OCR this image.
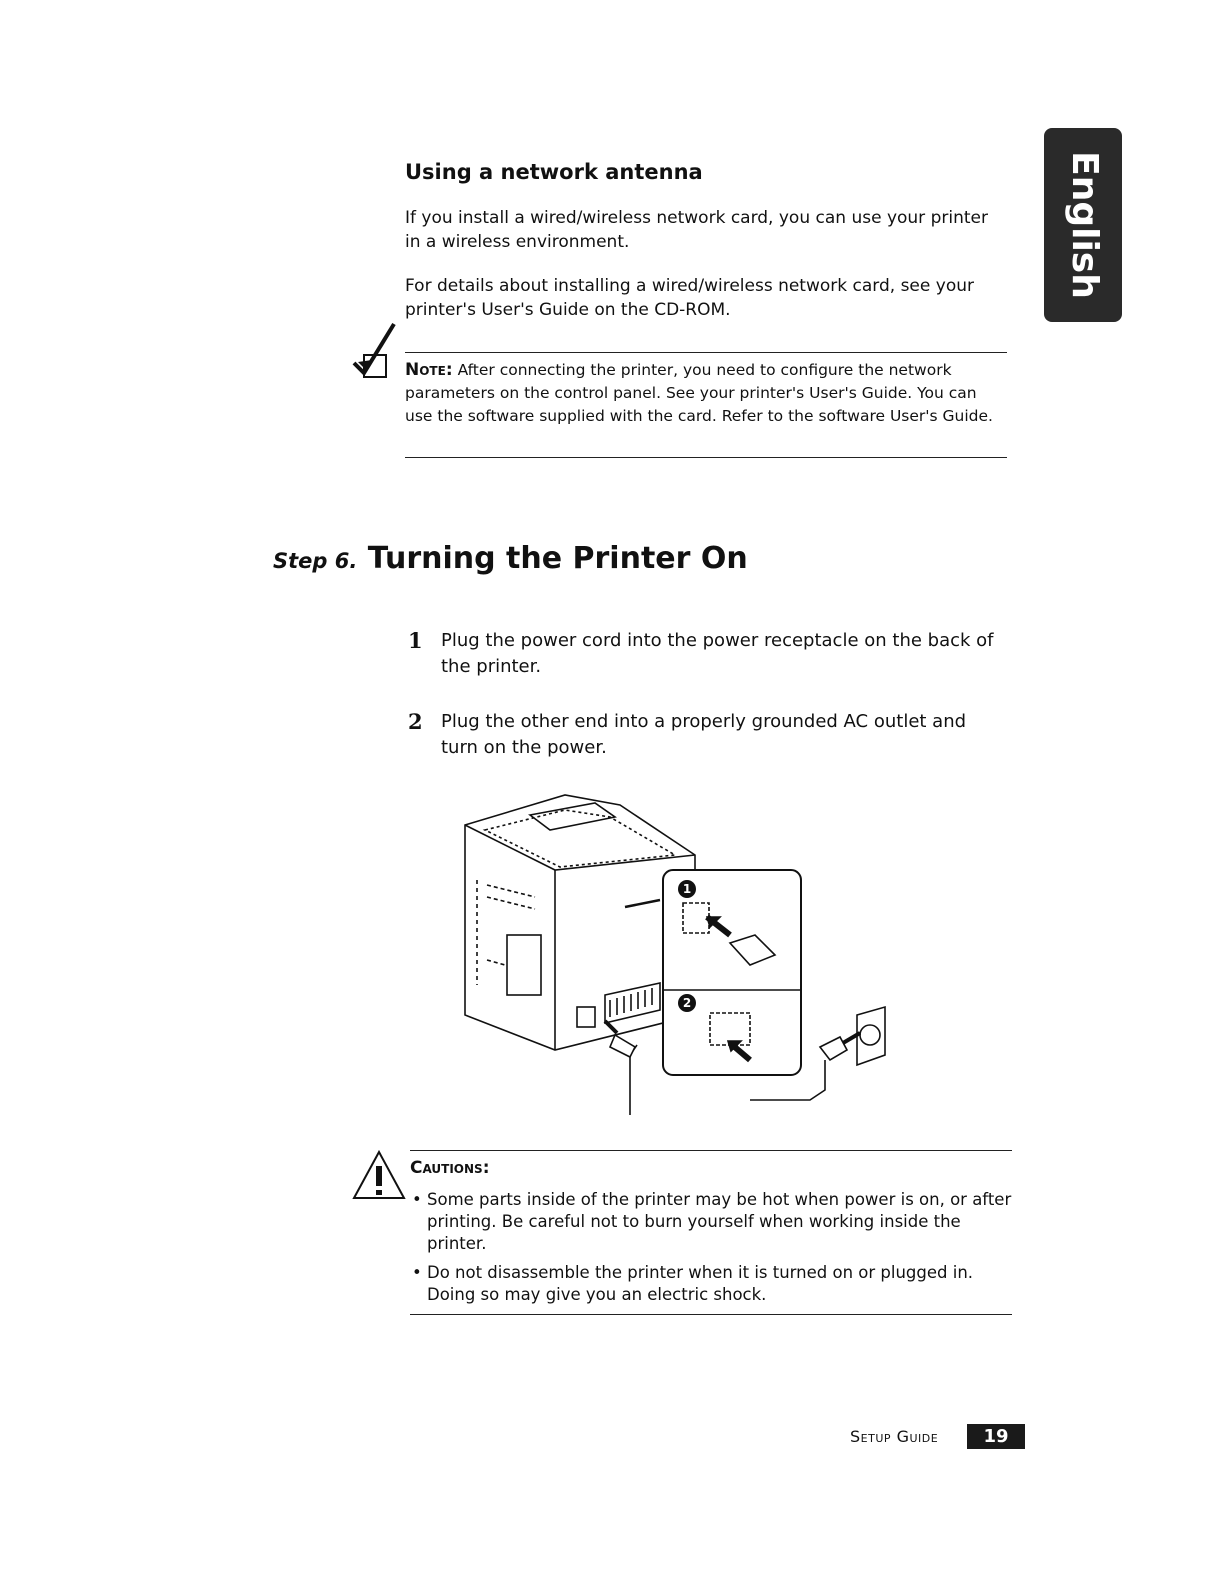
English
Using a network antenna
If you install a wired/wireless network card, you can use your printer in a wireless environment.
For details about installing a wired/wireless network card, see your printer's User's Guide on the CD-ROM.
Note: After connecting the printer, you need to configure the network parameters on the control panel. See your printer's User's Guide. You can use the software supplied with the card. Refer to the software User's Guide.
Step 6. Turning the Printer On
1 Plug the power cord into the power receptacle on the back of the printer.
2 Plug the other end into a properly grounded AC outlet and turn on the power.
1
2
Cautions:
• Some parts inside of the printer may be hot when power is on, or after printing. Be careful not to burn yourself when working inside the printer.
• Do not disassemble the printer when it is turned on or plugged in. Doing so may give you an electric shock.
Setup Guide	19
